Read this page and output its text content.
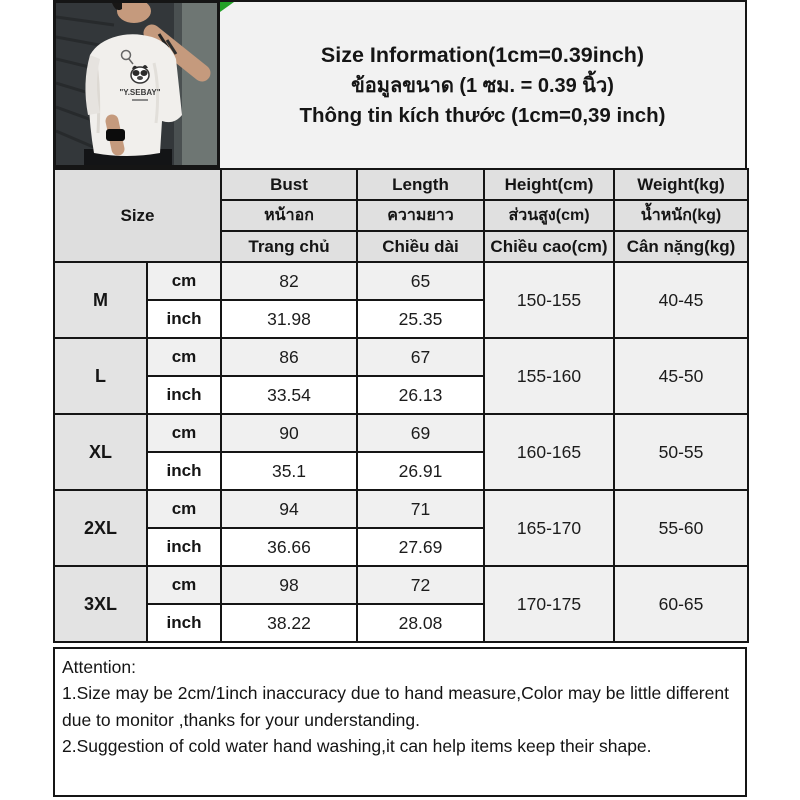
"Y.SEBAY"
Size Information(1cm=0.39inch)
ข้อมูลขนาด (1 ซม. = 0.39 นิ้ว)
Thông tin kích thước (1cm=0,39 inch)
Size		Bust	Length	Height(cm)	Weight(kg)
		หน้าอก	ความยาว	ส่วนสูง(cm)	น้ำหนัก(kg)
		Trang chủ	Chiều dài	Chiều cao(cm)	Cân nặng(kg)
M	cm	82	65	150-155	40-45
	inch	31.98	25.35		
L	cm	86	67	155-160	45-50
	inch	33.54	26.13		
XL	cm	90	69	160-165	50-55
	inch	35.1	26.91		
2XL	cm	94	71	165-170	55-60
	inch	36.66	27.69		
3XL	cm	98	72	170-175	60-65
	inch	38.22	28.08		

Attention:

1.Size may be 2cm/1inch inaccuracy due to hand measure,Color may be little different due to monitor ,thanks for your understanding.

2.Suggestion of cold water hand washing,it can help items keep their shape.
